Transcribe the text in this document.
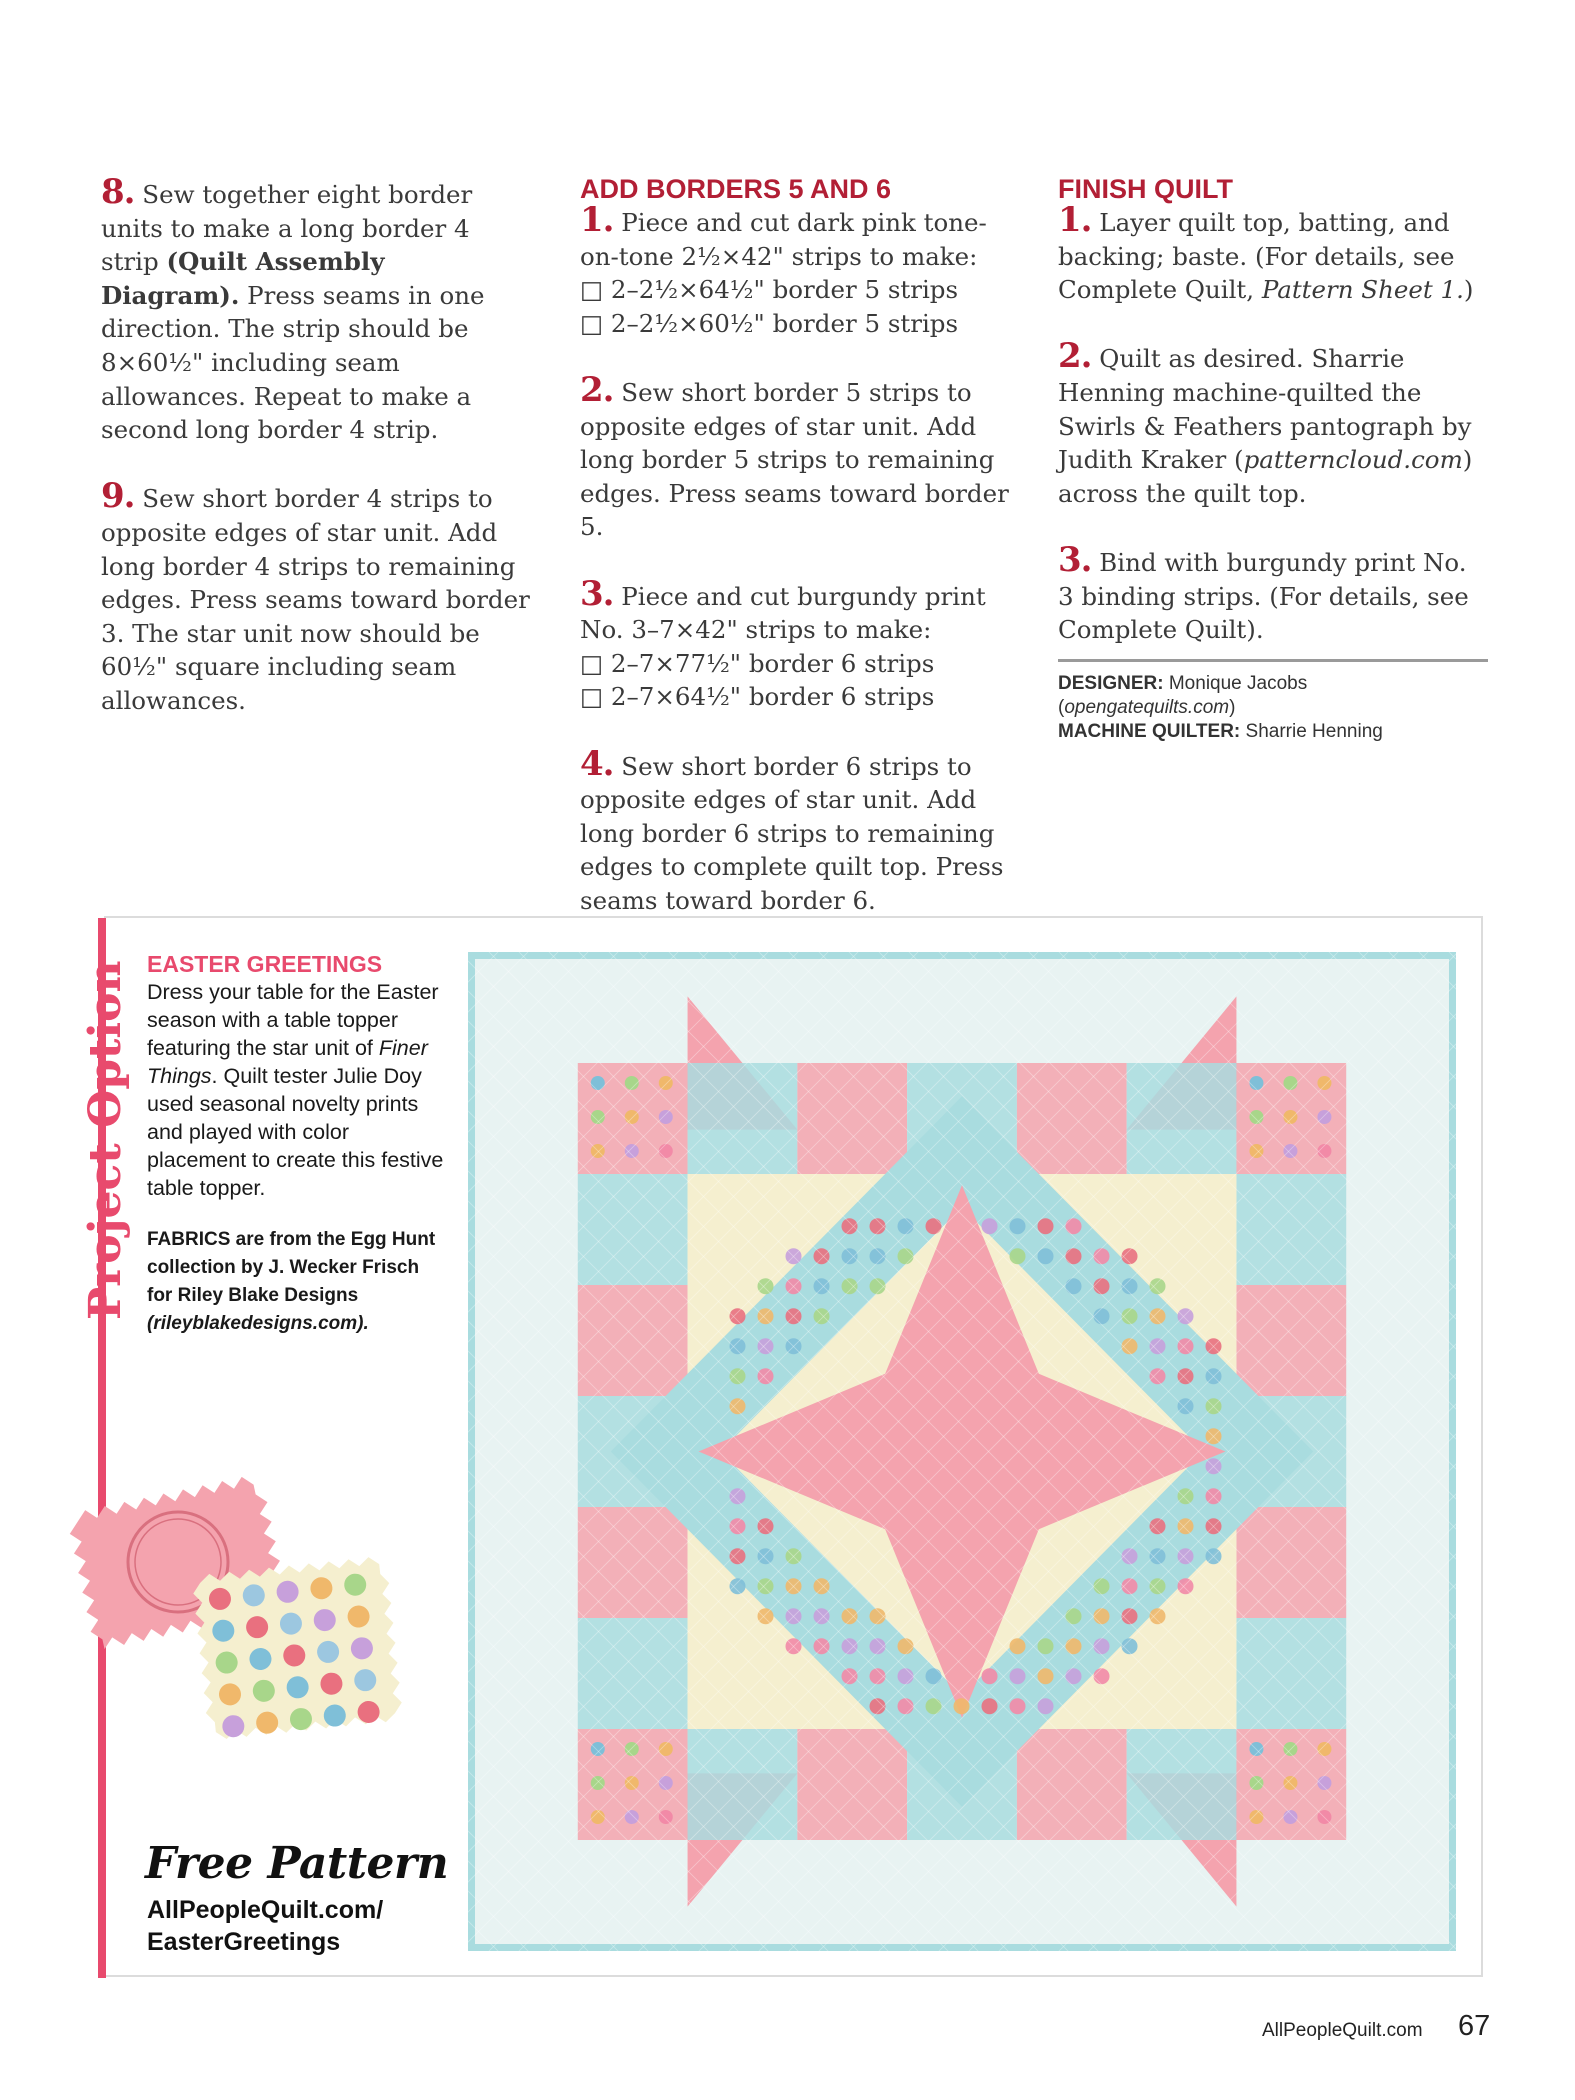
8. Sew together eight border units to make a long border 4 strip (Quilt Assembly Diagram). Press seams in one direction. The strip should be 8×60½" including seam allowances. Repeat to make a second long border 4 strip.

9. Sew short border 4 strips to opposite edges of star unit. Add long border 4 strips to remaining edges. Press seams toward border 3. The star unit now should be 60½" square including seam allowances.

ADD BORDERS 5 AND 6

1. Piece and cut dark pink tone-on-tone 2½×42" strips to make:
□ 2–2½×64½" border 5 strips
□ 2–2½×60½" border 5 strips

2. Sew short border 5 strips to opposite edges of star unit. Add long border 5 strips to remaining edges. Press seams toward border 5.

3. Piece and cut burgundy print No. 3–7×42" strips to make:
□ 2–7×77½" border 6 strips
□ 2–7×64½" border 6 strips

4. Sew short border 6 strips to opposite edges of star unit. Add long border 6 strips to remaining edges to complete quilt top. Press seams toward border 6.

FINISH QUILT

1. Layer quilt top, batting, and backing; baste. (For details, see Complete Quilt, Pattern Sheet 1.)

2. Quilt as desired. Sharrie Henning machine-quilted the Swirls & Feathers pantograph by Judith Kraker (patterncloud.com) across the quilt top.

3. Bind with burgundy print No. 3 binding strips. (For details, see Complete Quilt).

DESIGNER: Monique Jacobs
(opengatequilts.com)
MACHINE QUILTER: Sharrie Henning
Project Option EASTER GREETINGS
Dress your table for the Easter season with a table topper featuring the star unit of Finer Things. Quilt tester Julie Doy used seasonal novelty prints and played with color placement to create this festive table topper.
FABRICS are from the Egg Hunt collection by J. Wecker Frisch for Riley Blake Designs (rileyblakedesigns.com).
Free Pattern
AllPeopleQuilt.com/
EasterGreetings
AllPeopleQuilt.com 67
